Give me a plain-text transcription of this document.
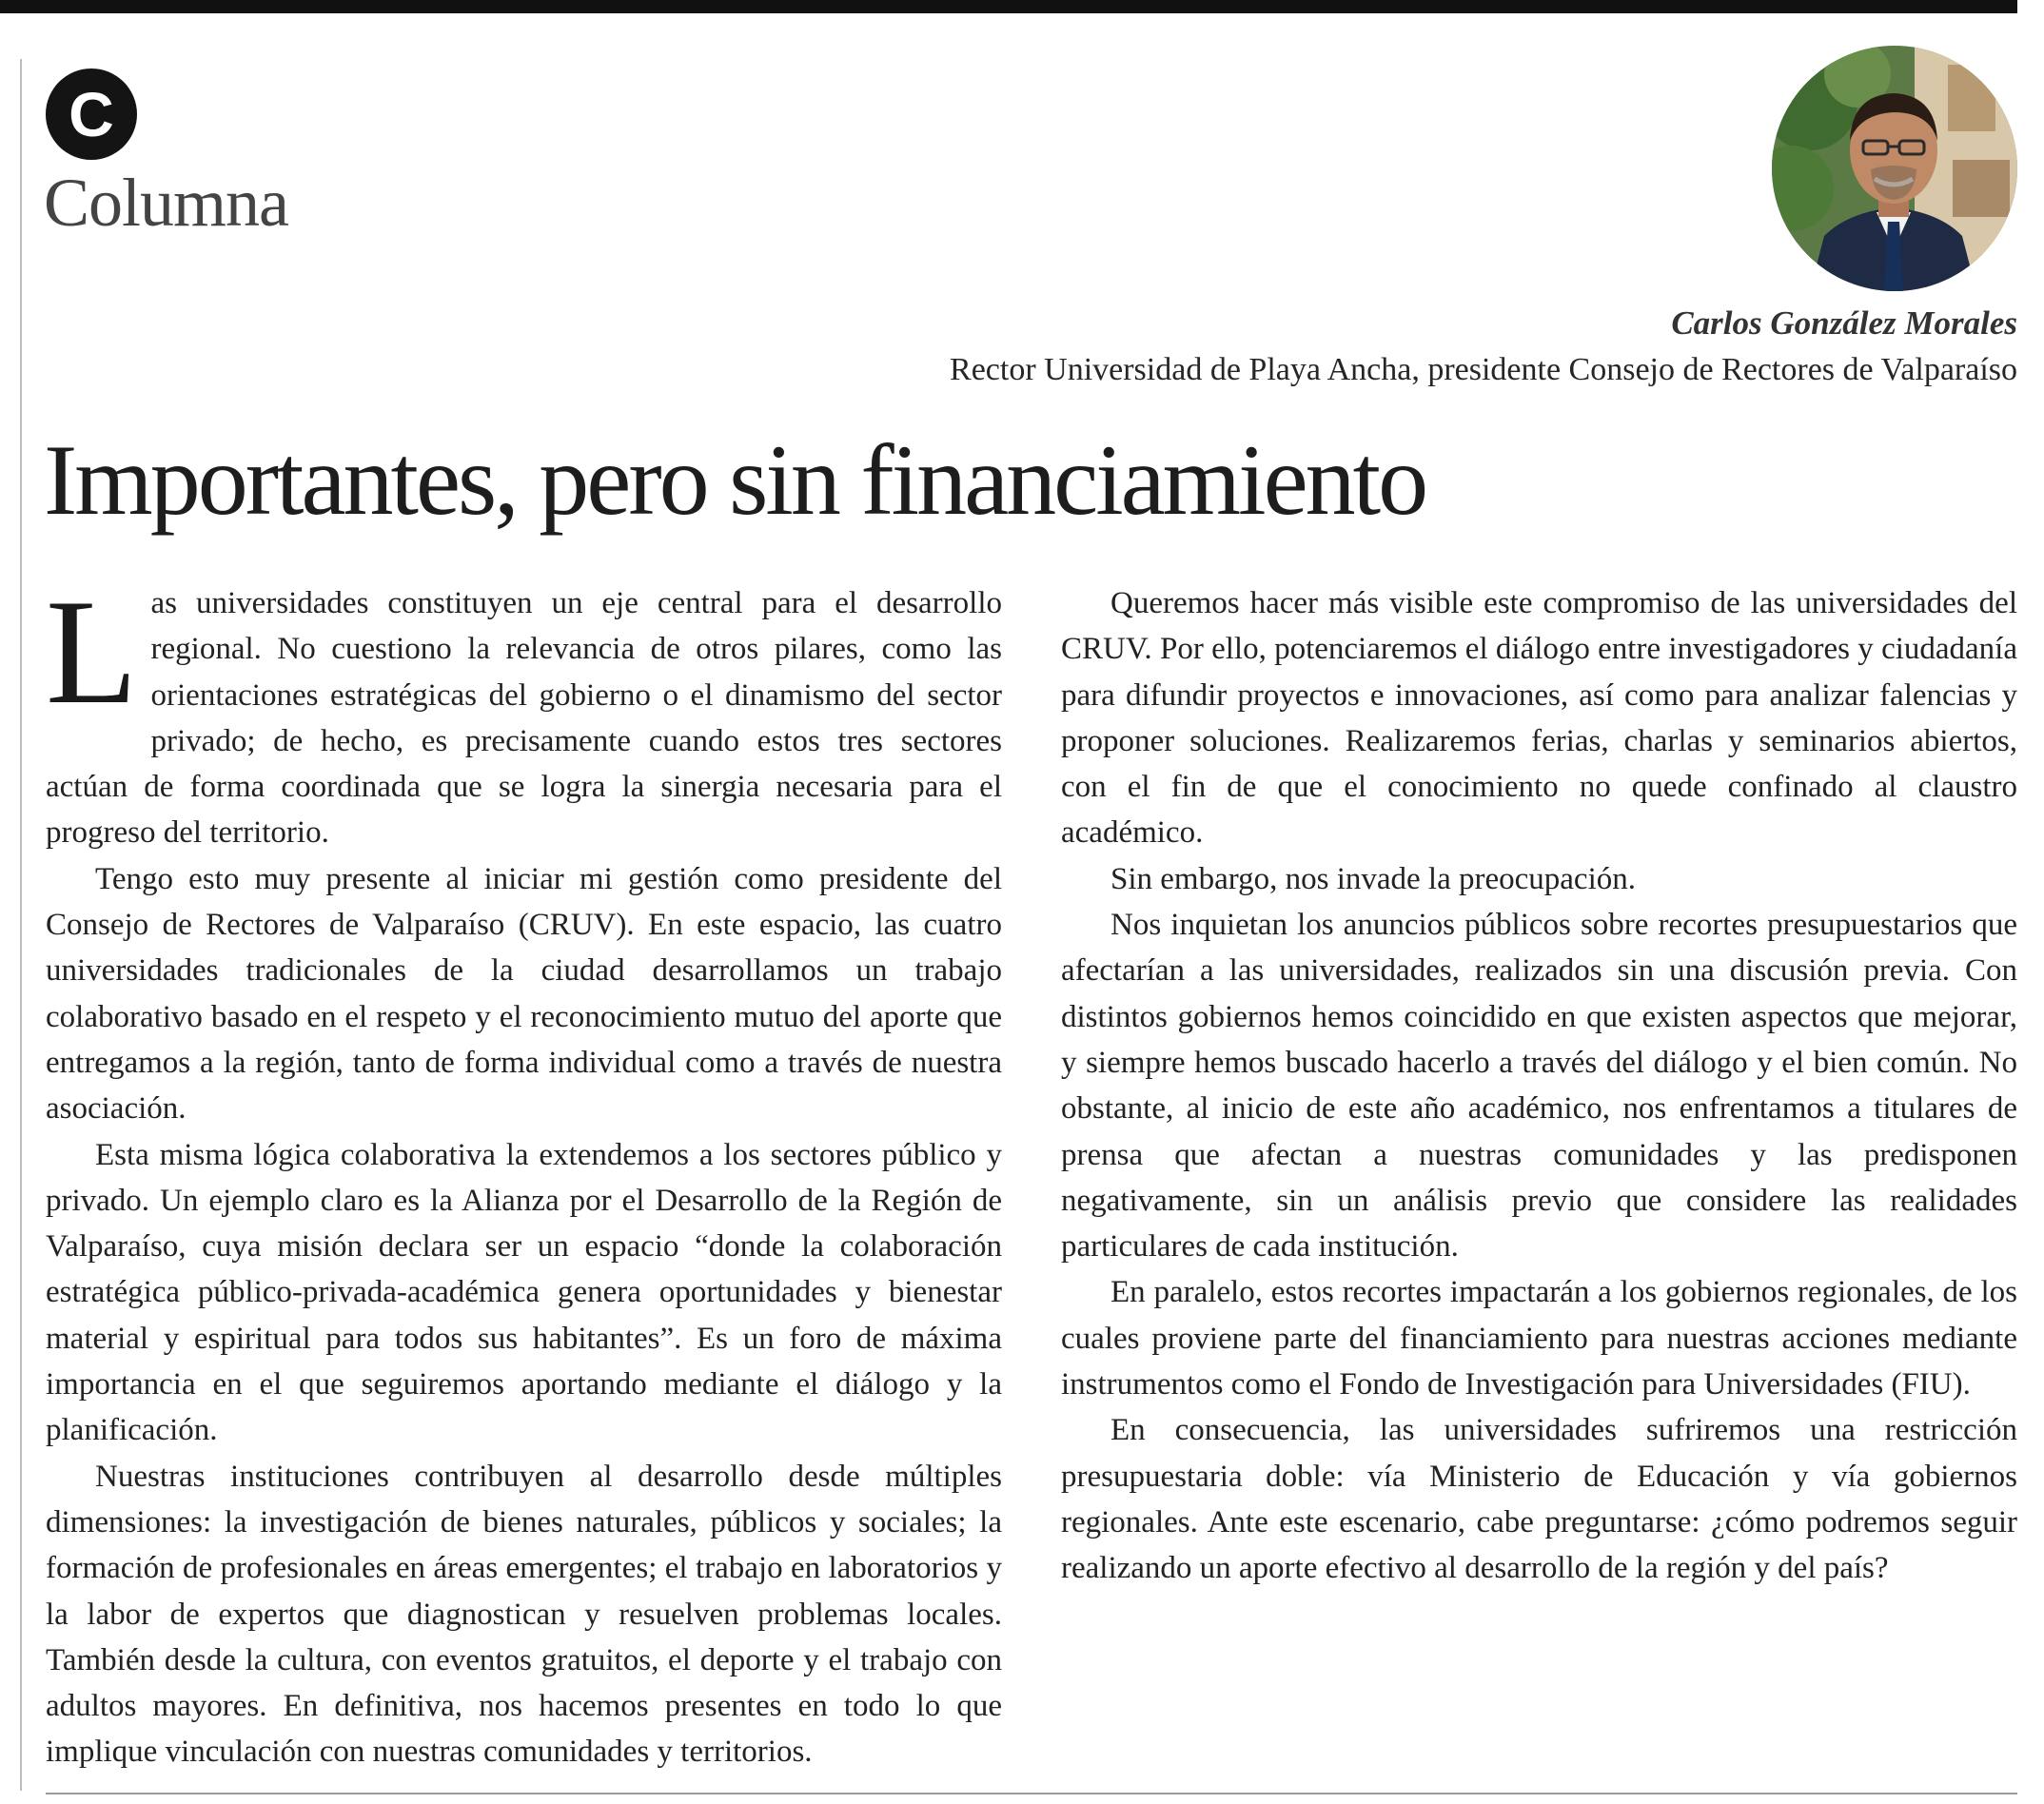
C
Columna
Carlos González Morales
Rector Universidad de Playa Ancha, presidente Consejo de Rectores de Valparaíso
Importantes, pero sin financiamiento

Las universidades constituyen un eje central para el desarrollo regional. No cuestiono la relevancia de otros pilares, como las orientaciones estratégicas del gobierno o el dinamismo del sector privado; de hecho, es precisamente cuando estos tres sectores actúan de forma coordinada que se logra la sinergia necesaria para el progreso del territorio.

Tengo esto muy presente al iniciar mi gestión como presidente del Consejo de Rectores de Valparaíso (CRUV). En este espacio, las cuatro universidades tradicionales de la ciudad desarrollamos un trabajo colaborativo basado en el respeto y el reconocimiento mutuo del aporte que entregamos a la región, tanto de forma individual como a través de nuestra asociación.

Esta misma lógica colaborativa la extendemos a los sectores público y privado. Un ejemplo claro es la Alianza por el Desarrollo de la Región de Valparaíso, cuya misión declara ser un espacio “donde la colaboración estratégica público-privada-académica genera oportunidades y bienestar material y espiritual para todos sus habitantes”. Es un foro de máxima importancia en el que seguiremos aportando mediante el diálogo y la planificación.

Nuestras instituciones contribuyen al desarrollo desde múltiples dimensiones: la investigación de bienes naturales, públicos y sociales; la formación de profesionales en áreas emergentes; el trabajo en laboratorios y la labor de expertos que diagnostican y resuelven problemas locales. También desde la cultura, con eventos gratuitos, el deporte y el trabajo con adultos mayores. En definitiva, nos hacemos presentes en todo lo que implique vinculación con nuestras comunidades y territorios.

Queremos hacer más visible este compromiso de las universidades del CRUV. Por ello, potenciaremos el diálogo entre investigadores y ciudadanía para difundir proyectos e innovaciones, así como para analizar falencias y proponer soluciones. Realizaremos ferias, charlas y seminarios abiertos, con el fin de que el conocimiento no quede confinado al claustro académico.

Sin embargo, nos invade la preocupación.

Nos inquietan los anuncios públicos sobre recortes presupuestarios que afectarían a las universidades, realizados sin una discusión previa. Con distintos gobiernos hemos coincidido en que existen aspectos que mejorar, y siempre hemos buscado hacerlo a través del diálogo y el bien común. No obstante, al inicio de este año académico, nos enfrentamos a titulares de prensa que afectan a nuestras comunidades y las predisponen negativamente, sin un análisis previo que considere las realidades particulares de cada institución.

En paralelo, estos recortes impactarán a los gobiernos regionales, de los cuales proviene parte del financiamiento para nuestras acciones mediante instrumentos como el Fondo de Investigación para Universidades (FIU).

En consecuencia, las universidades sufriremos una restricción presupuestaria doble: vía Ministerio de Educación y vía gobiernos regionales. Ante este escenario, cabe preguntarse: ¿cómo podremos seguir realizando un aporte efectivo al desarrollo de la región y del país?
